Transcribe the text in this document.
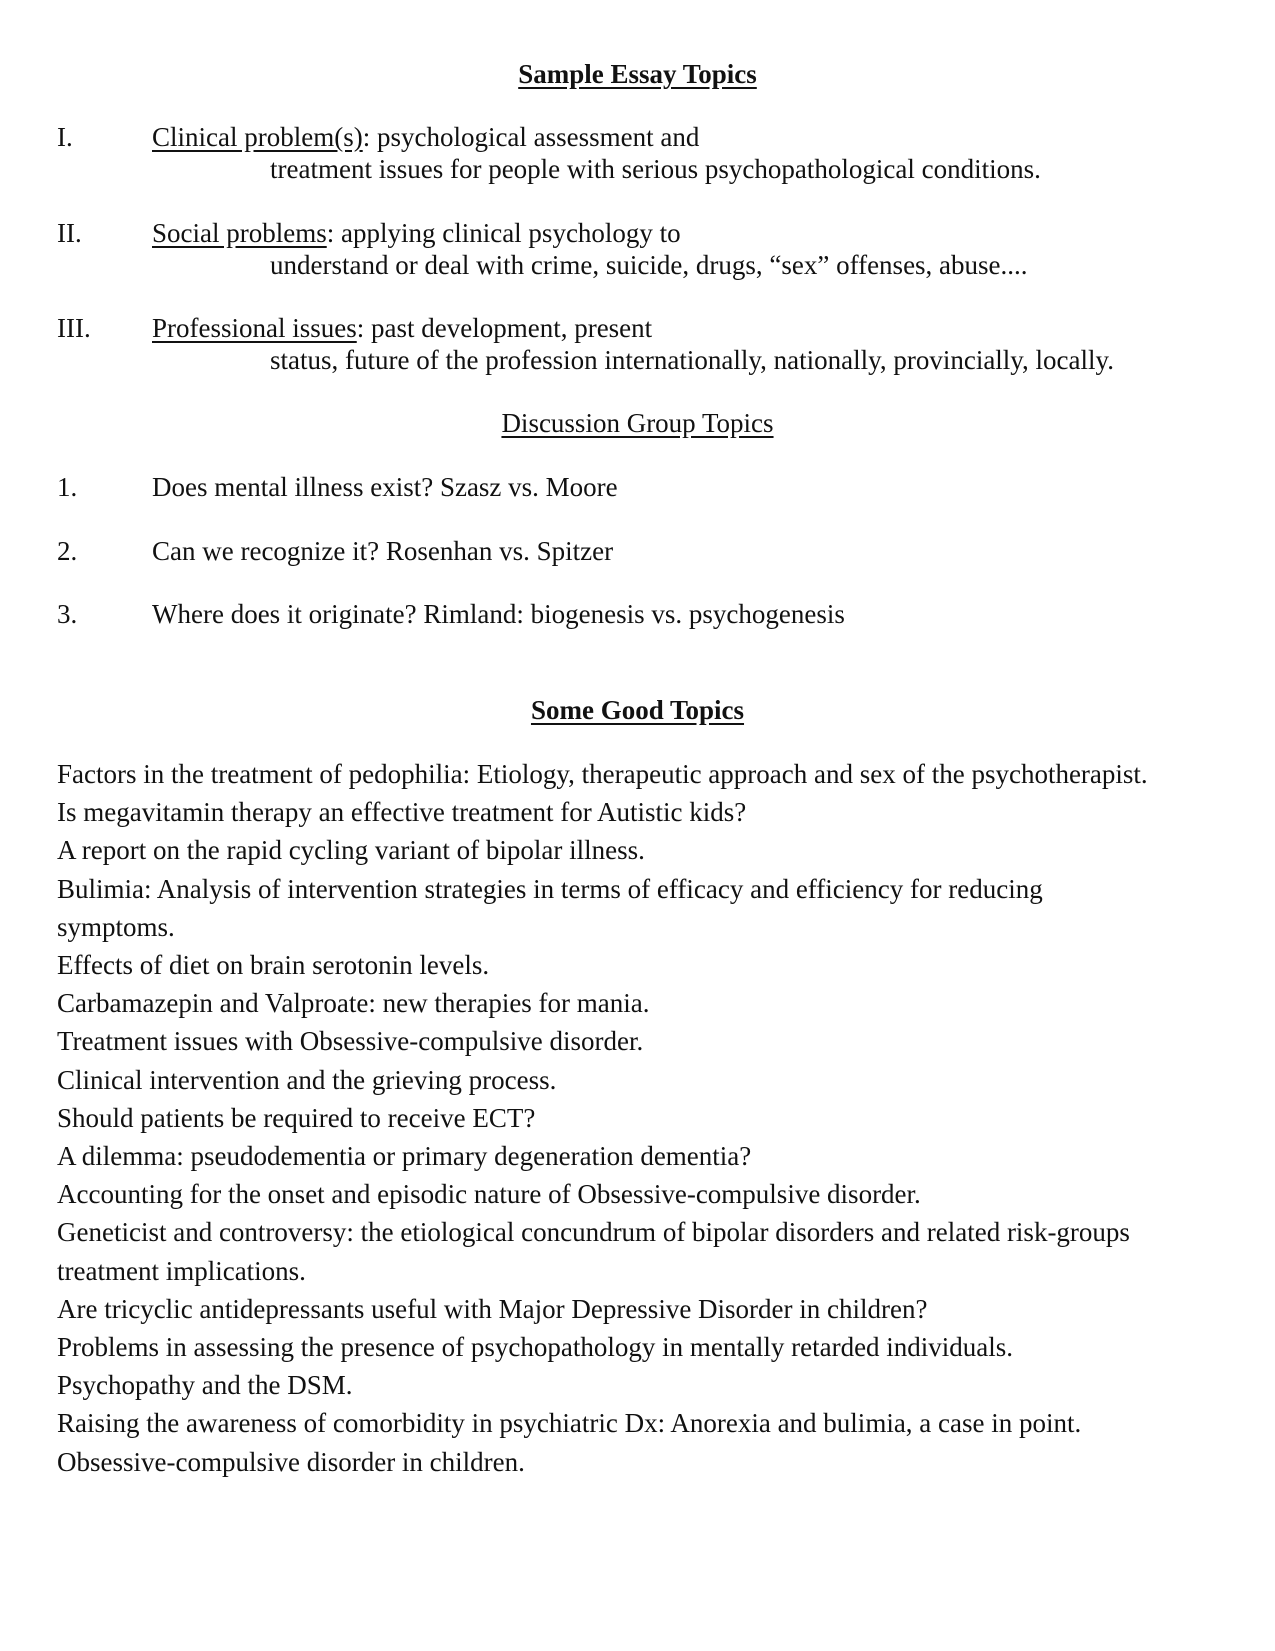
Sample Essay Topics
I.	Clinical problem(s): psychological assessment and
treatment issues for people with serious psychopathological conditions.
II.	Social problems: applying clinical psychology to
understand or deal with crime, suicide, drugs, “sex” offenses, abuse....
III. Professional issues: past development, present
status, future of the profession internationally, nationally, provincially, locally.
Discussion Group Topics
1.	Does mental illness exist? Szasz vs. Moore
2.	Can we recognize it? Rosenhan vs. Spitzer
3.	Where does it originate? Rimland: biogenesis vs. psychogenesis
Some Good Topics
Factors in the treatment of pedophilia: Etiology, therapeutic approach and sex of the psychotherapist.
Is megavitamin therapy an effective treatment for Autistic kids?
A report on the rapid cycling variant of bipolar illness.
Bulimia: Analysis of intervention strategies in terms of efficacy and efficiency for reducing symptoms.
Effects of diet on brain serotonin levels.
Carbamazepin and Valproate: new therapies for mania.
Treatment issues with Obsessive-compulsive disorder.
Clinical intervention and the grieving process.
Should patients be required to receive ECT?
A dilemma: pseudodementia or primary degeneration dementia?
Accounting for the onset and episodic nature of Obsessive-compulsive disorder.
Geneticist and controversy: the etiological concundrum of bipolar disorders and related risk-groups treatment implications.
Are tricyclic antidepressants useful with Major Depressive Disorder in children?
Problems in assessing the presence of psychopathology in mentally retarded individuals.
Psychopathy and the DSM.
Raising the awareness of comorbidity in psychiatric Dx: Anorexia and bulimia, a case in point.
Obsessive-compulsive disorder in children.
